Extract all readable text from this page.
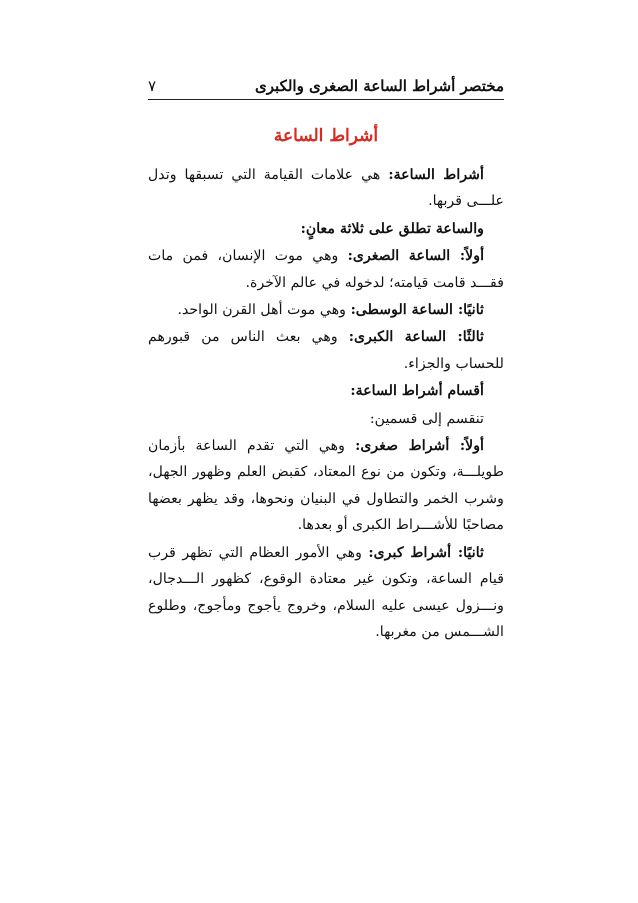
مختصر أشراط الساعة الصغرى والكبرى
٧
أشراط الساعة

أشراط الساعة: هي علامات القيامة التي تسبقها وتدل علـــى قربها.

والساعة تطلق على ثلاثة معانٍ:

أولاً: الساعة الصغرى: وهي موت الإنسان، فمن مات فقـــد قامت قيامته؛ لدخوله في عالم الآخرة.

ثانيًا: الساعة الوسطى: وهي موت أهل القرن الواحد.

ثالثًا: الساعة الكبرى: وهي بعث الناس من قبورهم للحساب والجزاء.

أقسام أشراط الساعة:

تنقسم إلى قسمين:

أولاً: أشراط صغرى: وهي التي تقدم الساعة بأزمان طويلـــة، وتكون من نوع المعتاد، كقبض العلم وظهور الجهل، وشرب الخمر والتطاول في البنيان ونحوها، وقد يظهر بعضها مصاحبًا للأشـــراط الكبرى أو بعدها.

ثانيًا: أشراط كبرى: وهي الأمور العظام التي تظهر قرب قيام الساعة، وتكون غير معتادة الوقوع، كظهور الـــدجال، ونـــزول عيسى عليه السلام، وخروج يأجوج ومأجوج، وطلوع الشـــمس من مغربها.
